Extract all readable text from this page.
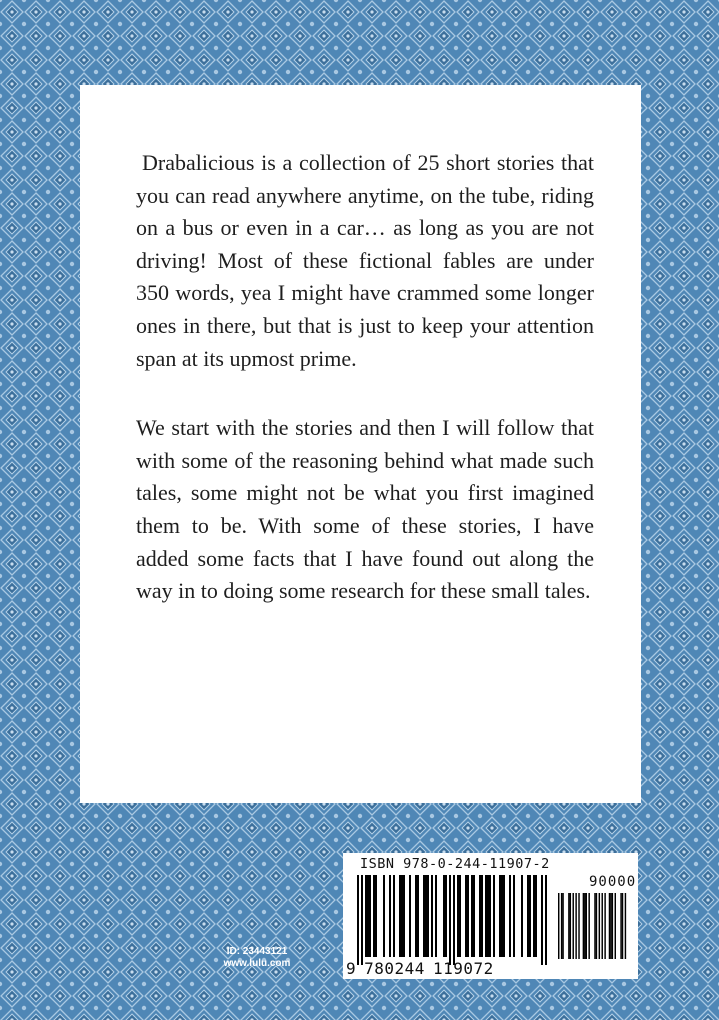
Drabalicious is a collection of 25 short stories that you can read anywhere anytime, on the tube, riding on a bus or even in a car… as long as you are not driving! Most of these fictional fables are under 350 words, yea I might have crammed some longer ones in there, but that is just to keep your attention span at its upmost prime.

We start with the stories and then I will follow that with some of the reasoning behind what made such tales, some might not be what you first imagined them to be. With some of these stories, I have added some facts that I have found out along the way in to doing some research for these small tales.

ID: 23443121
www.lulu.com
ISBN 978-0-244-11907-2
90000
9 780244 119072
